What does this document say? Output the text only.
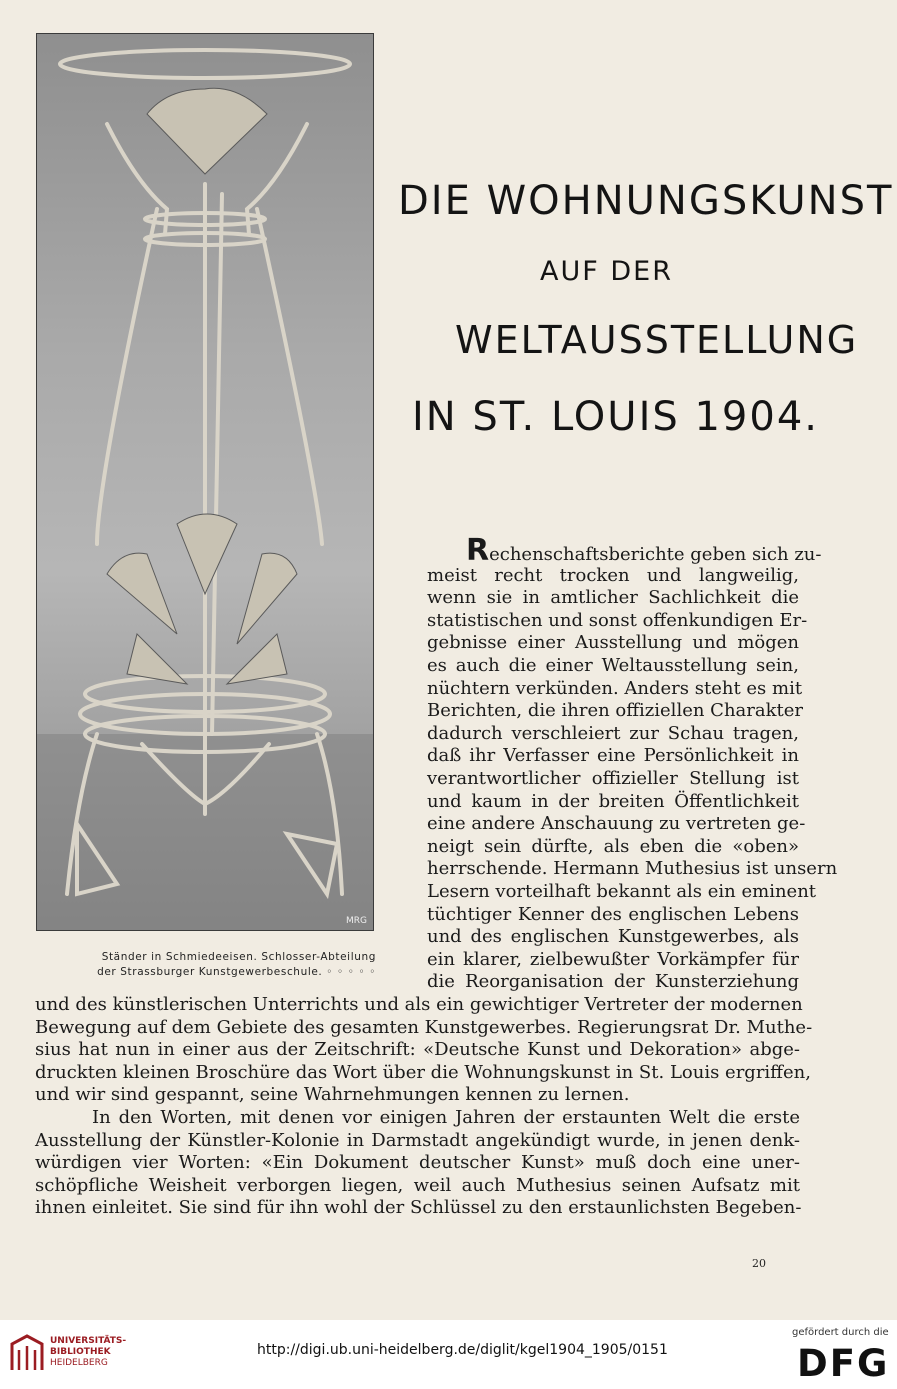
MRG
Ständer in Schmiedeeisen. Schlosser-Abteilung
der Strassburger Kunstgewerbeschule. ◦ ◦ ◦ ◦ ◦
DIE WOHNUNGSKUNST
AUF DER
WELTAUSSTELLUNG
IN ST. LOUIS 1904.
Rechenschaftsberichte geben sich zu-
meist recht trocken und langweilig,
wenn sie in amtlicher Sachlichkeit die
statistischen und sonst offenkundigen Er-
gebnisse einer Ausstellung und mögen
es auch die einer Weltausstellung sein,
nüchtern verkünden. Anders steht es mit
Berichten, die ihren offiziellen Charakter
dadurch verschleiert zur Schau tragen,
daß ihr Verfasser eine Persönlichkeit in
verantwortlicher offizieller Stellung ist
und kaum in der breiten Öffentlichkeit
eine andere Anschauung zu vertreten ge-
neigt sein dürfte, als eben die «oben»
herrschende. Hermann Muthesius ist unsern
Lesern vorteilhaft bekannt als ein eminent
tüchtiger Kenner des englischen Lebens
und des englischen Kunstgewerbes, als
ein klarer, zielbewußter Vorkämpfer für
die Reorganisation der Kunsterziehung
und des künstlerischen Unterrichts und als ein gewichtiger Vertreter der modernen
Bewegung auf dem Gebiete des gesamten Kunstgewerbes. Regierungsrat Dr. Muthe-
sius hat nun in einer aus der Zeitschrift: «Deutsche Kunst und Dekoration» abge-
druckten kleinen Broschüre das Wort über die Wohnungskunst in St. Louis ergriffen,
und wir sind gespannt, seine Wahrnehmungen kennen zu lernen.
In den Worten, mit denen vor einigen Jahren der erstaunten Welt die erste
Ausstellung der Künstler-Kolonie in Darmstadt angekündigt wurde, in jenen denk-
würdigen vier Worten: «Ein Dokument deutscher Kunst» muß doch eine uner-
schöpfliche Weisheit verborgen liegen, weil auch Muthesius seinen Aufsatz mit
ihnen einleitet. Sie sind für ihn wohl der Schlüssel zu den erstaunlichsten Begeben-
20
UNIVERSITÄTS-
BIBLIOTHEK
HEIDELBERG
http://digi.ub.uni-heidelberg.de/diglit/kgel1904_1905/0151
gefördert durch die
DFG
